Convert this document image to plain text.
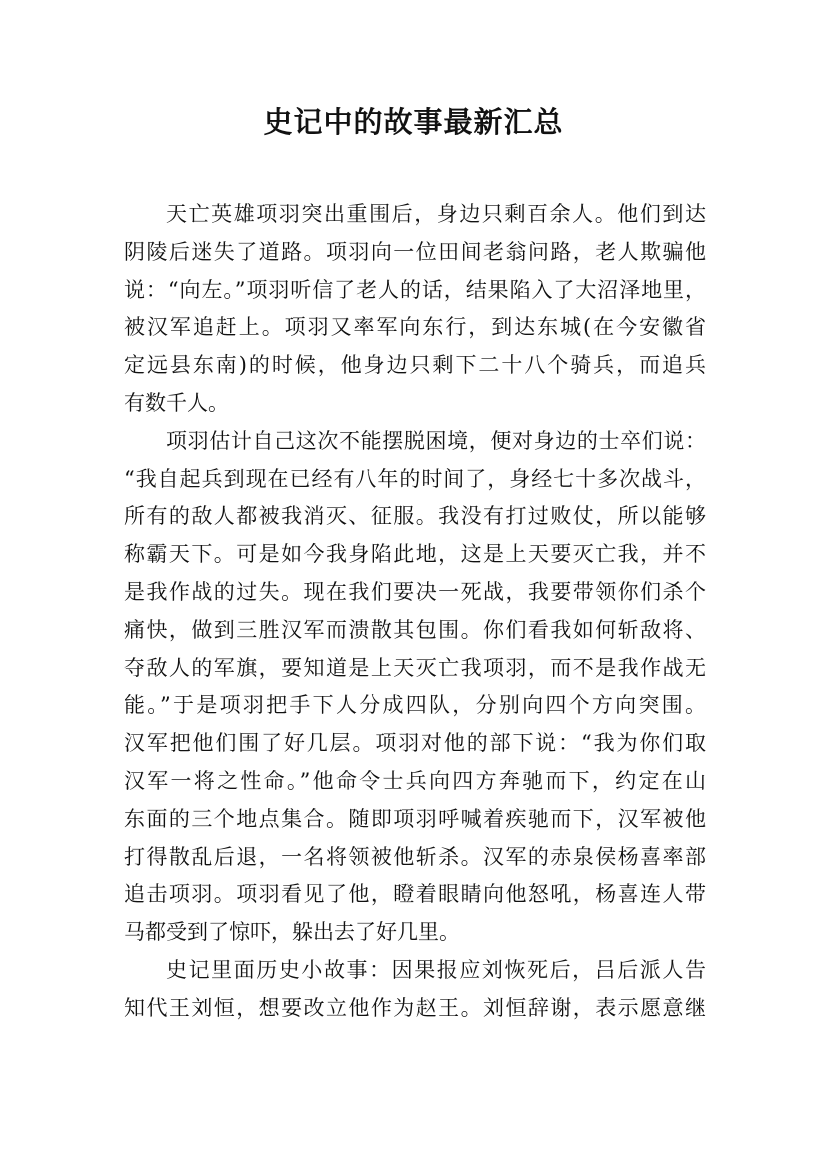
史记中的故事最新汇总
天亡英雄项羽突出重围后，身边只剩百余人。他们到达
阴陵后迷失了道路。项羽向一位田间老翁问路，老人欺骗他
说：“向左。”项羽听信了老人的话，结果陷入了大沼泽地里，
被汉军追赶上。项羽又率军向东行，到达东城(在今安徽省
定远县东南)的时候，他身边只剩下二十八个骑兵，而追兵
有数千人。
项羽估计自己这次不能摆脱困境，便对身边的士卒们说：
“我自起兵到现在已经有八年的时间了，身经七十多次战斗，
所有的敌人都被我消灭、征服。我没有打过败仗，所以能够
称霸天下。可是如今我身陷此地，这是上天要灭亡我，并不
是我作战的过失。现在我们要决一死战，我要带领你们杀个
痛快，做到三胜汉军而溃散其包围。你们看我如何斩敌将、
夺敌人的军旗，要知道是上天灭亡我项羽，而不是我作战无
能。”于是项羽把手下人分成四队，分别向四个方向突围。
汉军把他们围了好几层。项羽对他的部下说：“我为你们取
汉军一将之性命。”他命令士兵向四方奔驰而下，约定在山
东面的三个地点集合。随即项羽呼喊着疾驰而下，汉军被他
打得散乱后退，一名将领被他斩杀。汉军的赤泉侯杨喜率部
追击项羽。项羽看见了他，瞪着眼睛向他怒吼，杨喜连人带
马都受到了惊吓，躲出去了好几里。
史记里面历史小故事：因果报应刘恢死后，吕后派人告
知代王刘恒，想要改立他作为赵王。刘恒辞谢，表示愿意继
